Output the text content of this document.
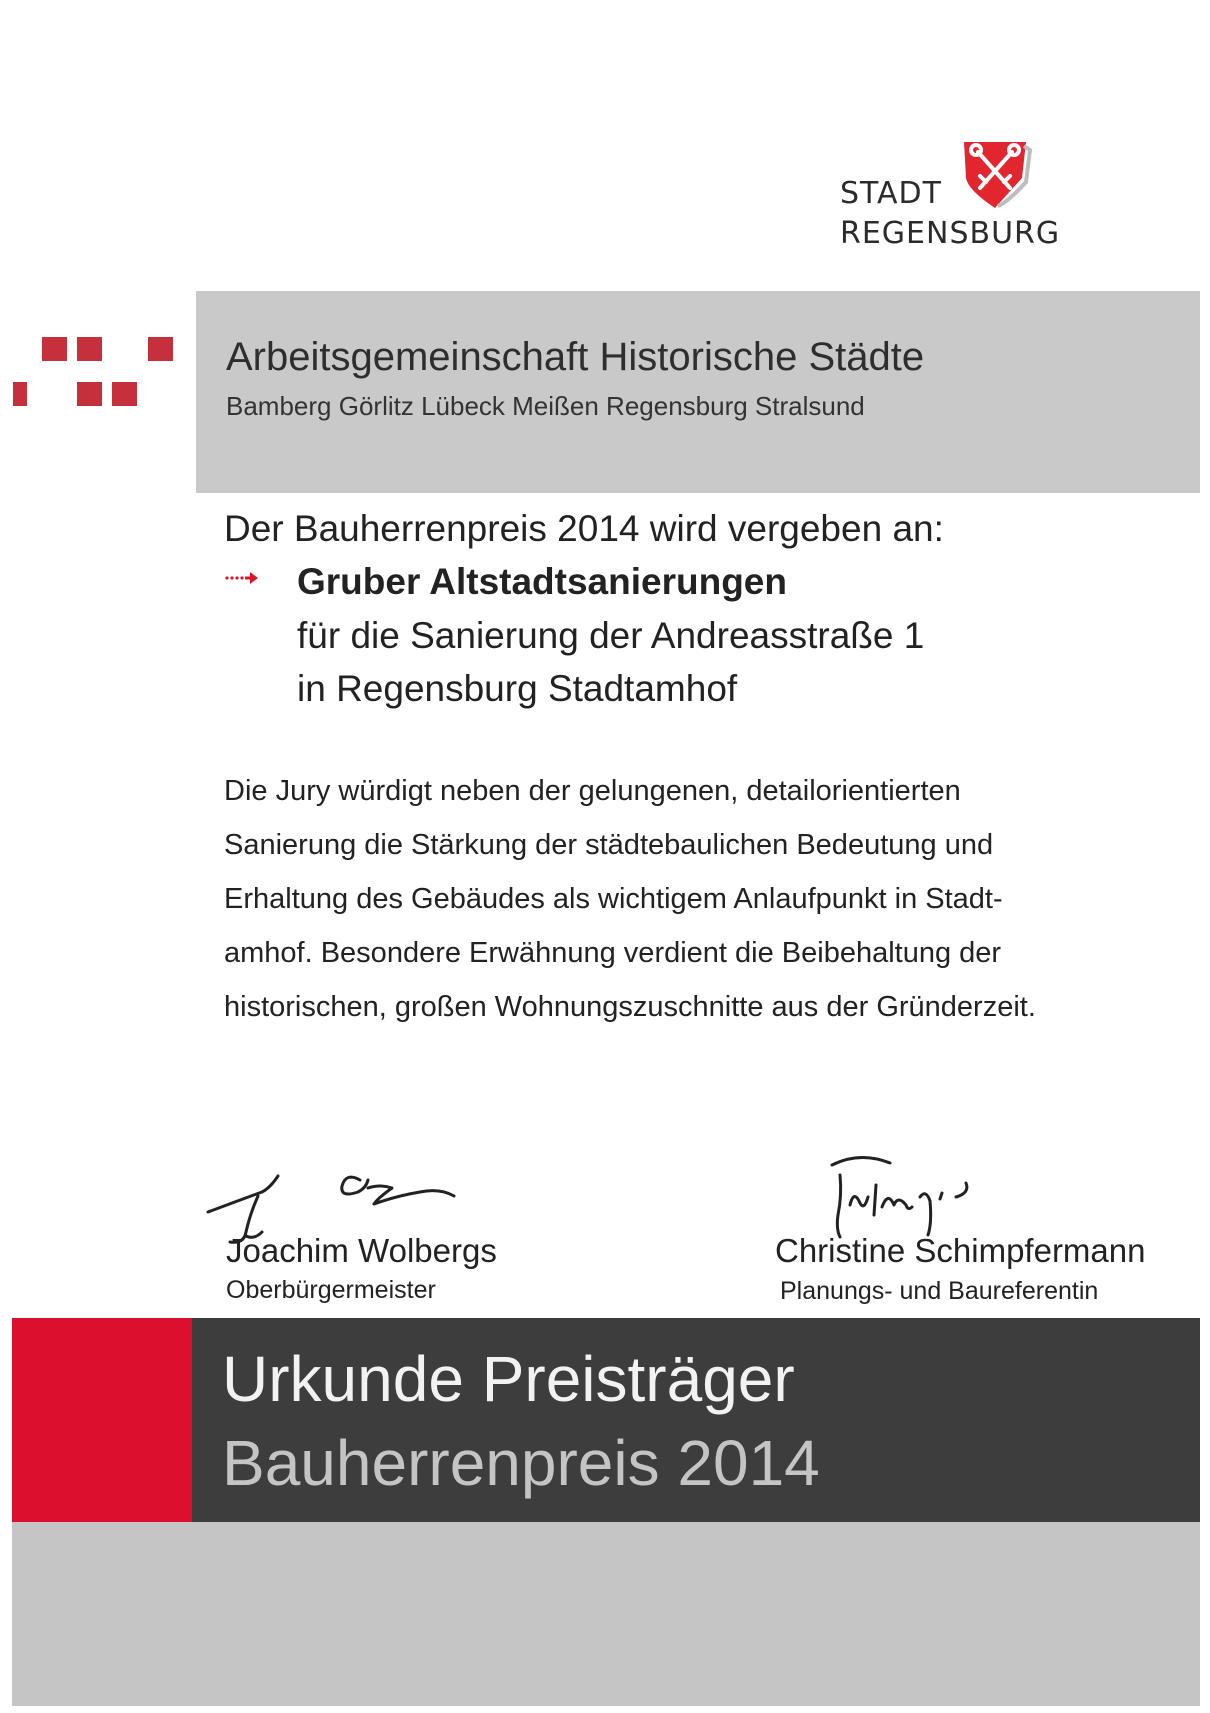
STADT
REGENSBURG
Arbeitsgemeinschaft Historische Städte
Bamberg Görlitz Lübeck Meißen Regensburg Stralsund
Der Bauherrenpreis 2014 wird vergeben an:
Gruber Altstadtsanierungen
für die Sanierung der Andreasstraße 1
in Regensburg Stadtamhof
Die Jury würdigt neben der gelungenen, detailorientierten
Sanierung die Stärkung der städtebaulichen Bedeutung und
Erhaltung des Gebäudes als wichtigem Anlaufpunkt in Stadt-
amhof. Besondere Erwähnung verdient die Beibehaltung der
historischen, großen Wohnungszuschnitte aus der Gründerzeit.
Joachim Wolbergs
Oberbürgermeister
Christine Schimpfermann
Planungs- und Baureferentin
Urkunde Preisträger
Bauherrenpreis 2014
